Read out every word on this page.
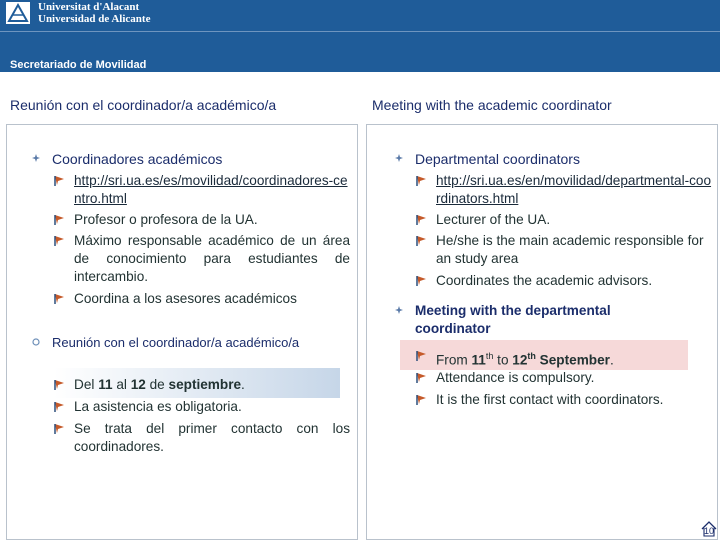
Universitat d'Alacant
Universidad de Alicante
Secretariado de Movilidad
Reunión con el coordinador/a académico/a	Meeting with the academic coordinator
Coordinadores académicos
http://sri.ua.es/es/movilidad/coordinadores-centro.html
Profesor o profesora de la UA.
Máximo responsable académico de un área de conocimiento para estudiantes de intercambio.
Coordina a los asesores académicos
Reunión con el coordinador/a académico/a
Del 11 al 12 de septiembre.
La asistencia es obligatoria.
Se trata del primer contacto con los coordinadores.
Departmental coordinators
http://sri.ua.es/en/movilidad/departmental-coordinators.html
Lecturer of the UA.
He/she is the main academic responsible for an study area
Coordinates the academic advisors.
Meeting with the departmental coordinator
From 11th to 12th September.
Attendance is compulsory.
It is the first contact with coordinators.
10
